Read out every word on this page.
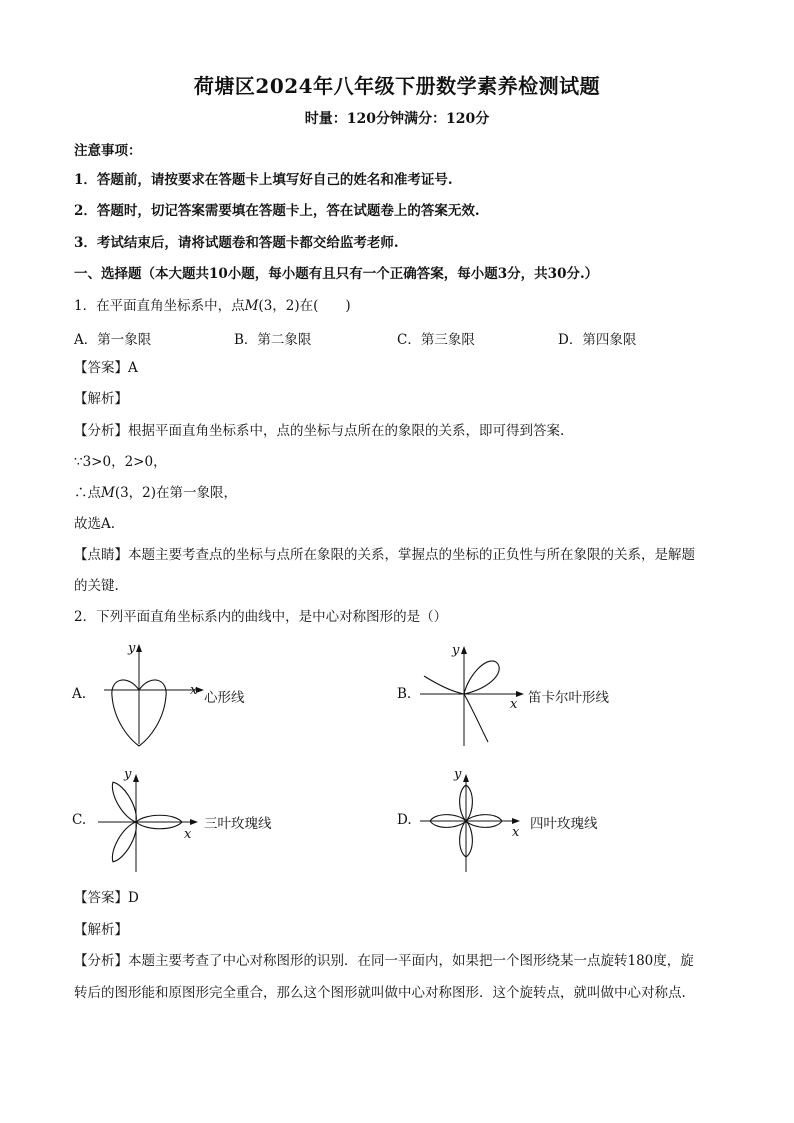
荷塘区2024年八年级下册数学素养检测试题
时量：120分钟满分：120分
注意事项：
1．答题前，请按要求在答题卡上填写好自己的姓名和准考证号.
2．答题时，切记答案需要填在答题卡上，答在试题卷上的答案无效.
3．考试结束后，请将试题卷和答题卡都交给监考老师.
一、选择题（本大题共10小题，每小题有且只有一个正确答案，每小题3分，共30分.）
1．在平面直角坐标系中，点M(3，2)在(　　)
A．第一象限	B．第二象限	C．第三象限	D．第四象限
【答案】A
【解析】
【分析】根据平面直角坐标系中，点的坐标与点所在的象限的关系，即可得到答案.
∵3>0，2>0，
∴点M(3，2)在第一象限，
故选A.
【点睛】本题主要考查点的坐标与点所在象限的关系，掌握点的坐标的正负性与所在象限的关系，是解题
的关键.
2．下列平面直角坐标系内的曲线中，是中心对称图形的是（）
A.	x
y
心形线	B.
x
y
笛卡尔叶形线
C.
x
y
三叶玫瑰线	D.
x
y
四叶玫瑰线
【答案】D
【解析】
【分析】本题主要考查了中心对称图形的识别．在同一平面内，如果把一个图形绕某一点旋转180度，旋
转后的图形能和原图形完全重合，那么这个图形就叫做中心对称图形．这个旋转点，就叫做中心对称点.
